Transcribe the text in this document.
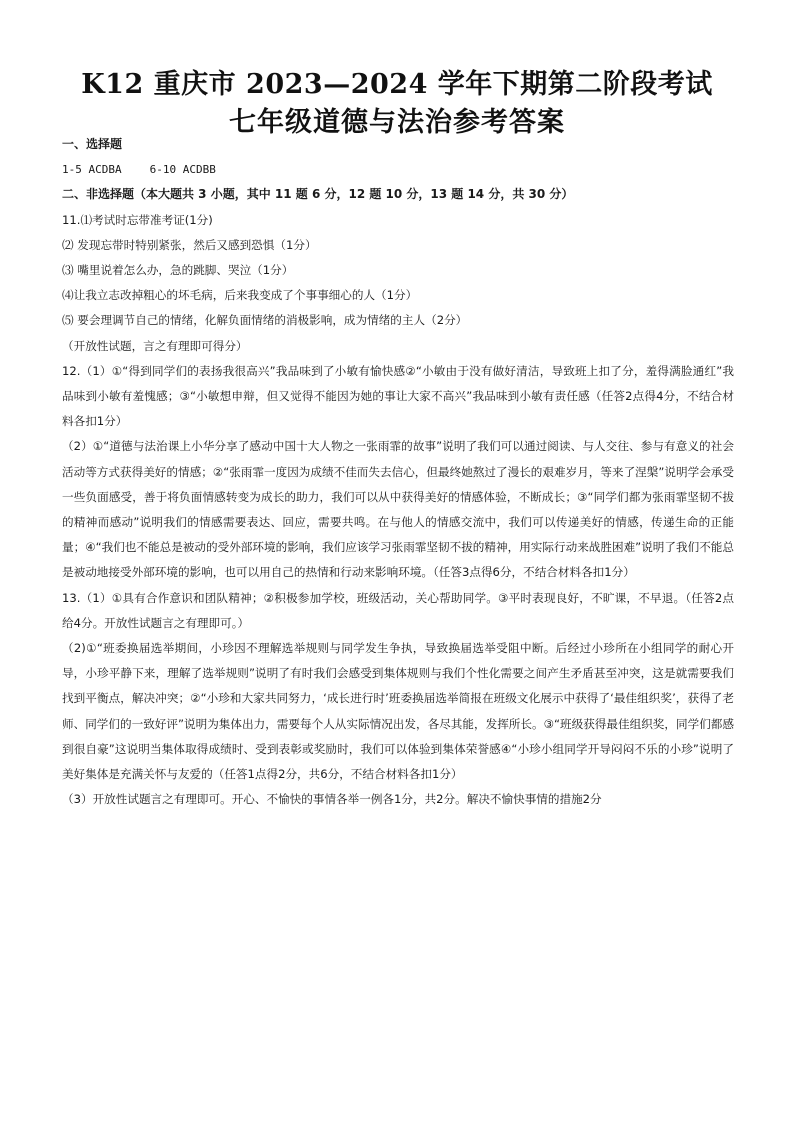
K12 重庆市 2023—2024 学年下期第二阶段考试
七年级道德与法治参考答案

一、选择题

1-5 ACDBA	6-10 ACDBB

二、非选择题（本大题共 3 小题，其中 11 题 6 分，12 题 10 分，13 题 14 分，共 30 分）

11.⑴考试时忘带准考证(1分)

⑵ 发现忘带时特别紧张，然后又感到恐惧（1分）

⑶ 嘴里说着怎么办，急的跳脚、哭泣（1分）

⑷让我立志改掉粗心的坏毛病，后来我变成了个事事细心的人（1分）

⑸ 要会理调节自己的情绪，化解负面情绪的消极影响，成为情绪的主人（2分）

（开放性试题，言之有理即可得分）

12.（1）①“得到同学们的表扬我很高兴”我品味到了小敏有愉快感②“小敏由于没有做好清洁，导致班上扣了分，羞得满脸通红”我品味到小敏有羞愧感；③“小敏想申辩，但又觉得不能因为她的事让大家不高兴”我品味到小敏有责任感（任答2点得4分，不结合材料各扣1分）

（2）①“道德与法治课上小华分享了感动中国十大人物之一张雨霏的故事”说明了我们可以通过阅读、与人交往、参与有意义的社会活动等方式获得美好的情感；②“张雨霏一度因为成绩不佳而失去信心，但最终她熬过了漫长的艰难岁月，等来了涅槃”说明学会承受一些负面感受，善于将负面情感转变为成长的助力，我们可以从中获得美好的情感体验，不断成长；③“同学们都为张雨霏坚韧不拔的精神而感动”说明我们的情感需要表达、回应，需要共鸣。在与他人的情感交流中，我们可以传递美好的情感，传递生命的正能量；④“我们也不能总是被动的受外部环境的影响，我们应该学习张雨霏坚韧不拔的精神，用实际行动来战胜困难”说明了我们不能总是被动地接受外部环境的影响，也可以用自己的热情和行动来影响环境。（任答3点得6分，不结合材料各扣1分）

13.（1）①具有合作意识和团队精神；②积极参加学校，班级活动，关心帮助同学。③平时表现良好，不旷课，不早退。（任答2点给4分。开放性试题言之有理即可。）

（2)①“班委换届选举期间，小珍因不理解选举规则与同学发生争执，导致换届选举受阻中断。后经过小珍所在小组同学的耐心开导，小珍平静下来，理解了选举规则”说明了有时我们会感受到集体规则与我们个性化需要之间产生矛盾甚至冲突，这是就需要我们找到平衡点，解决冲突；②“小珍和大家共同努力，‘成长进行时’班委换届选举简报在班级文化展示中获得了‘最佳组织奖’，获得了老师、同学们的一致好评”说明为集体出力，需要每个人从实际情况出发，各尽其能，发挥所长。③“班级获得最佳组织奖，同学们都感到很自豪”这说明当集体取得成绩时、受到表彰或奖励时，我们可以体验到集体荣誉感④“小珍小组同学开导闷闷不乐的小珍”说明了美好集体是充满关怀与友爱的（任答1点得2分，共6分，不结合材料各扣1分）

（3）开放性试题言之有理即可。开心、不愉快的事情各举一例各1分，共2分。解决不愉快事情的措施2分
